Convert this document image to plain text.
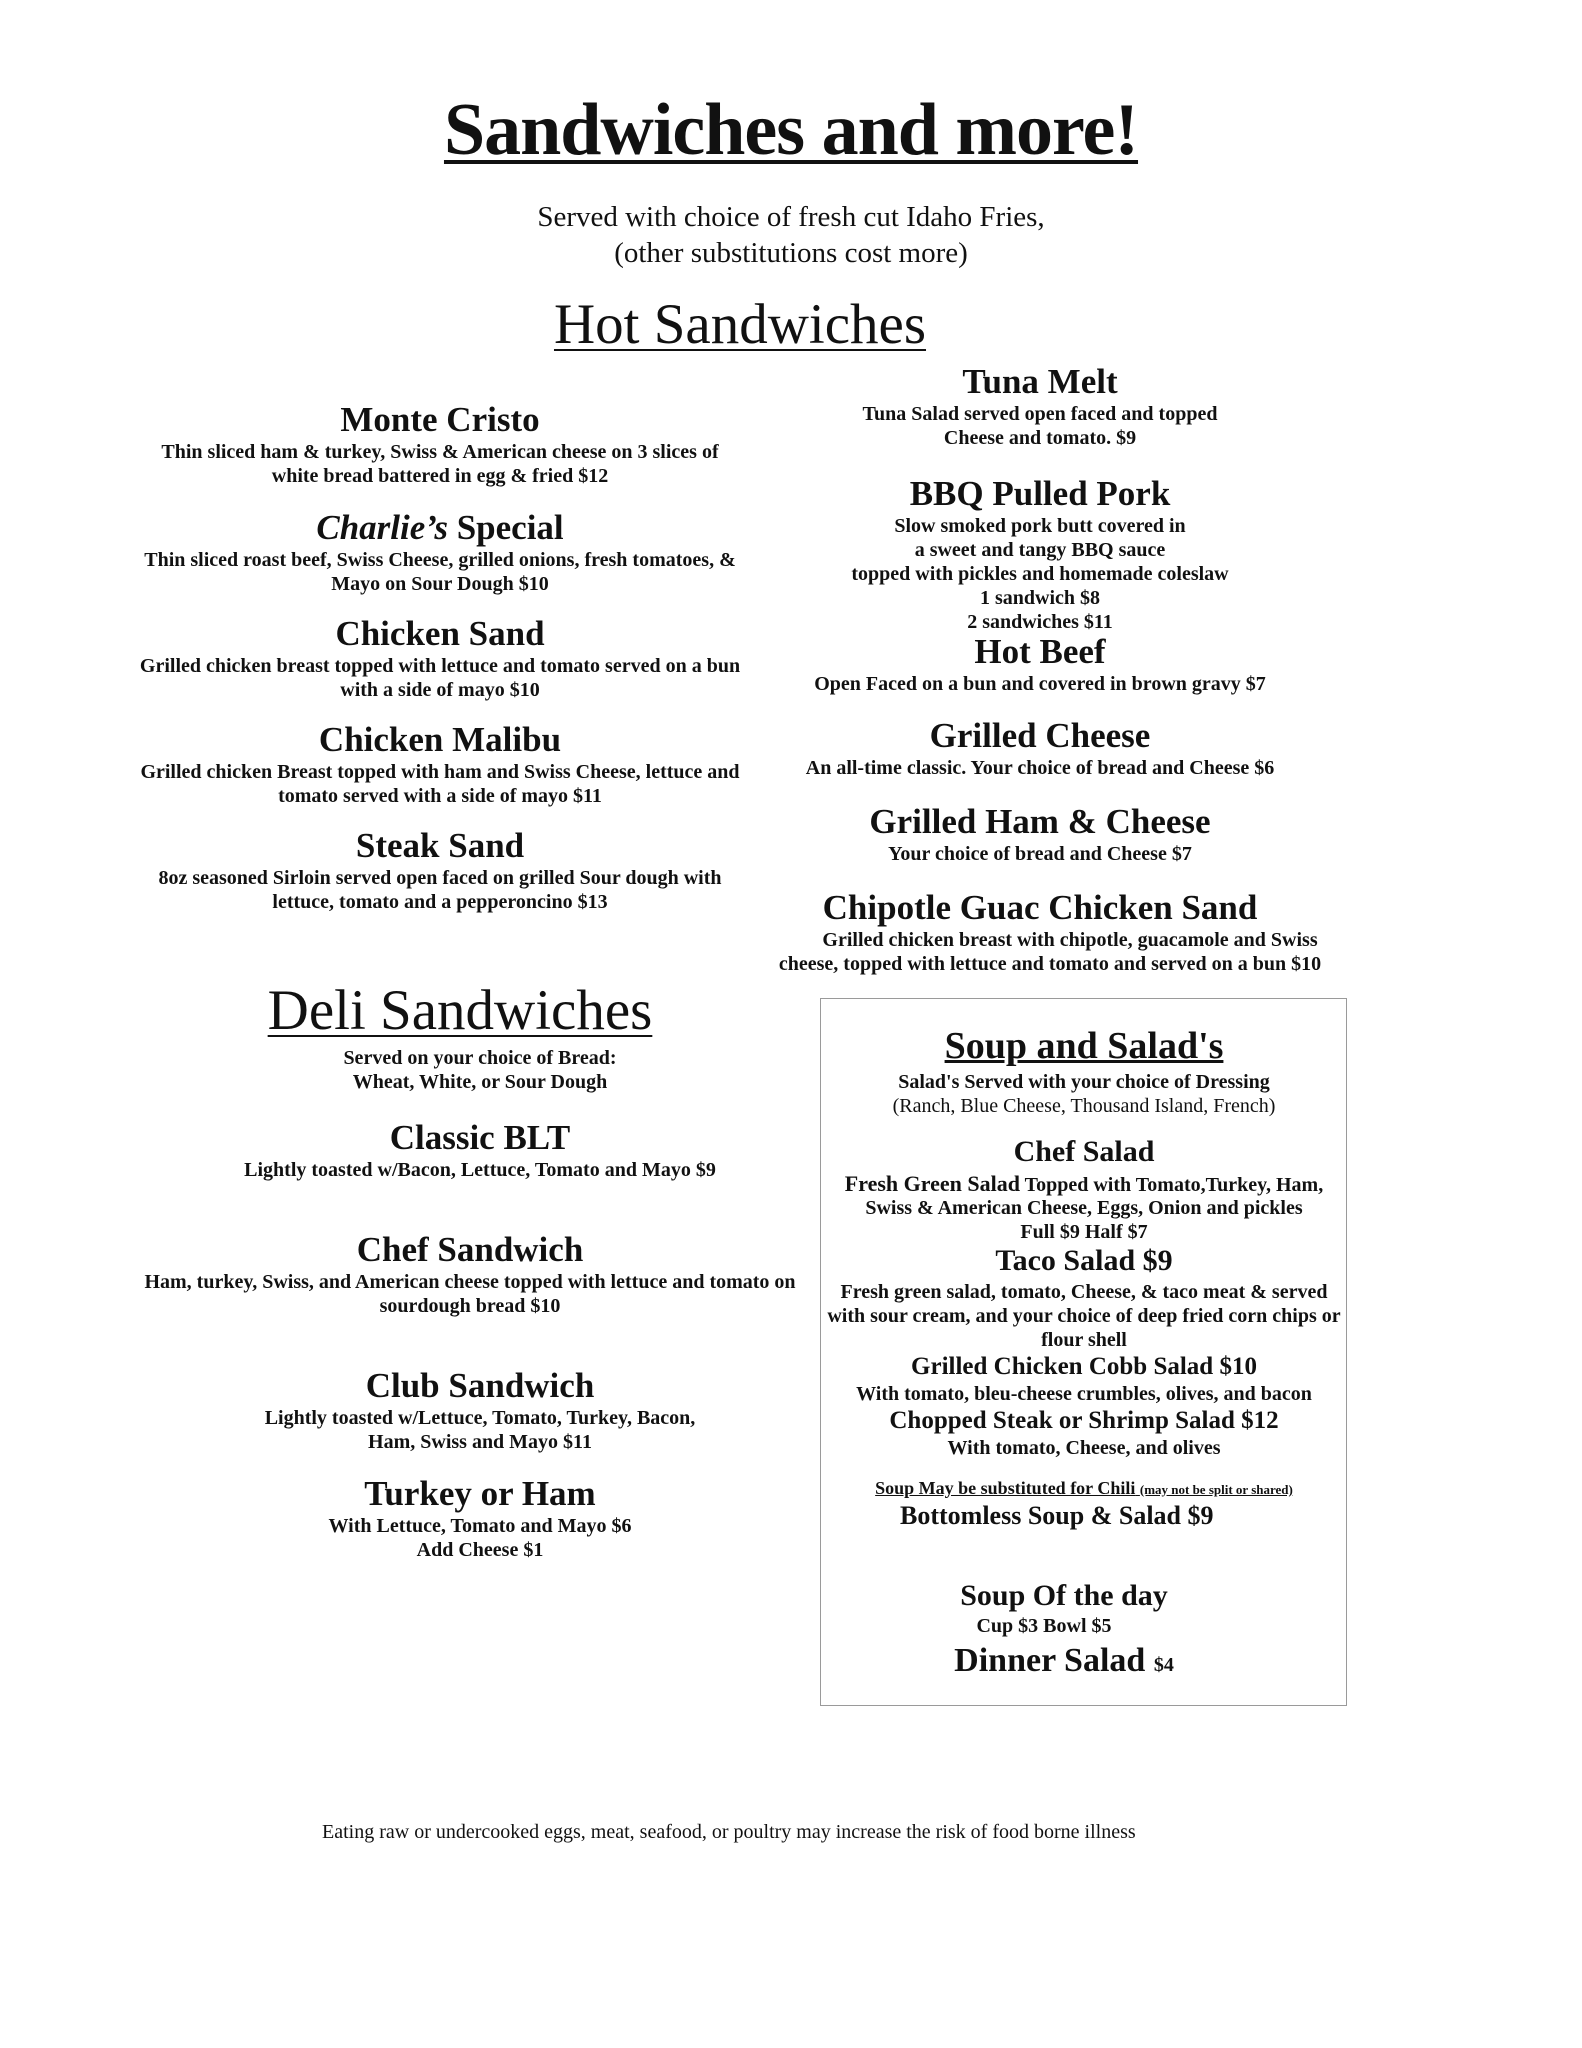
Sandwiches and more!
Served with choice of fresh cut Idaho Fries,
(other substitutions cost more)
Hot Sandwiches
Monte Cristo
Thin sliced ham & turkey, Swiss & American cheese on 3 slices of
white bread battered in egg & fried $12
Charlie’s Special
Thin sliced roast beef, Swiss Cheese, grilled onions, fresh tomatoes, &
Mayo on Sour Dough $10
Chicken Sand
Grilled chicken breast topped with lettuce and tomato served on a bun
with a side of mayo $10
Chicken Malibu
Grilled chicken Breast topped with ham and Swiss Cheese, lettuce and
tomato served with a side of mayo $11
Steak Sand
8oz seasoned Sirloin served open faced on grilled Sour dough with
lettuce, tomato and a pepperoncino $13
Tuna Melt
Tuna Salad served open faced and topped
Cheese and tomato. $9
BBQ Pulled Pork
Slow smoked pork butt covered in
a sweet and tangy BBQ sauce
topped with pickles and homemade coleslaw
1 sandwich $8
2 sandwiches $11
Hot Beef
Open Faced on a bun and covered in brown gravy $7
Grilled Cheese
An all-time classic. Your choice of bread and Cheese $6
Grilled Ham & Cheese
Your choice of bread and Cheese $7
Chipotle Guac Chicken Sand
Grilled chicken breast with chipotle, guacamole and Swiss
cheese, topped with lettuce and tomato and served on a bun $10
Deli Sandwiches
Served on your choice of Bread:
Wheat, White, or Sour Dough
Classic BLT
Lightly toasted w/Bacon, Lettuce, Tomato and Mayo $9
Chef Sandwich
Ham, turkey, Swiss, and American cheese topped with lettuce and tomato on
sourdough bread $10
Club Sandwich
Lightly toasted w/Lettuce, Tomato, Turkey, Bacon,
Ham, Swiss and Mayo $11
Turkey or Ham
With Lettuce, Tomato and Mayo $6
Add Cheese $1
Soup and Salad's
Salad's Served with your choice of Dressing
(Ranch, Blue Cheese, Thousand Island, French)
Chef Salad
Fresh Green Salad Topped with Tomato,Turkey, Ham,
Swiss & American Cheese, Eggs, Onion and pickles
Full $9 Half $7
Taco Salad $9
Fresh green salad, tomato, Cheese, & taco meat & served
with sour cream, and your choice of deep fried corn chips or
flour shell
Grilled Chicken Cobb Salad $10
With tomato, bleu-cheese crumbles, olives, and bacon
Chopped Steak or Shrimp Salad $12
With tomato, Cheese, and olives
Soup May be substituted for Chili (may not be split or shared)
Bottomless Soup & Salad $9
Soup Of the day
Cup $3 Bowl $5
Dinner Salad $4
Eating raw or undercooked eggs, meat, seafood, or poultry may increase the risk of food borne illness
